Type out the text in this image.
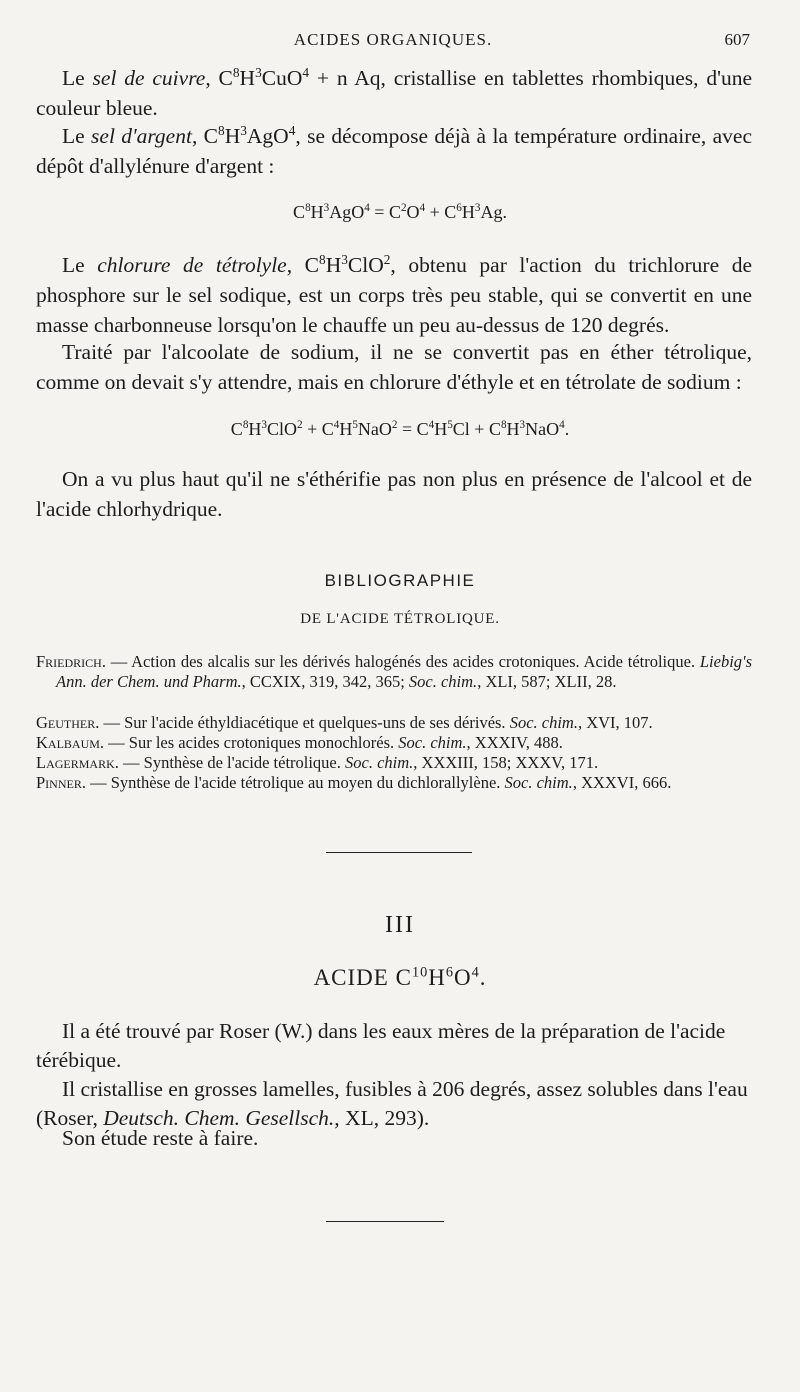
ACIDES ORGANIQUES.	607
Le sel de cuivre, $C^8H^3CuO^4 + n$ Aq, cristallise en tablettes rhombiques, d'une couleur bleue.
Le sel d'argent, $C^8H^3AgO^4$, se décompose déjà à la température ordinaire, avec dépôt d'allylénure d'argent :
$C^8H^3AgO^4 = C^2O^4 + C^6H^3Ag$.
Le chlorure de tétrolyle, $C^8H^3ClO^2$, obtenu par l'action du trichlorure de phosphore sur le sel sodique, est un corps très peu stable, qui se convertit en une masse charbonneuse lorsqu'on le chauffe un peu au-dessus de 120 degrés.
Traité par l'alcoolate de sodium, il ne se convertit pas en éther tétrolique, comme on devait s'y attendre, mais en chlorure d'éthyle et en tétrolate de sodium :
$C^8H^3ClO^2 + C^4H^5NaO^2 = C^4H^5Cl + C^8H^3NaO^4$.
On a vu plus haut qu'il ne s'éthérifie pas non plus en présence de l'alcool et de l'acide chlorhydrique.
BIBLIOGRAPHIE
DE L'ACIDE TÉTROLIQUE.
Friedrich. — Action des alcalis sur les dérivés halogénés des acides crotoniques. Acide tétrolique. Liebig's Ann. der Chem. und Pharm., CCXIX, 319, 342, 365; Soc. chim., XLI, 587; XLII, 28.
Geuther. — Sur l'acide éthyldiacétique et quelques-uns de ses dérivés. Soc. chim., XVI, 107.
Kalbaum. — Sur les acides crotoniques monochlorés. Soc. chim., XXXIV, 488.
Lagermark. — Synthèse de l'acide tétrolique. Soc. chim., XXXIII, 158; XXXV, 171.
Pinner. — Synthèse de l'acide tétrolique au moyen du dichlorallylène. Soc. chim., XXXVI, 666.
III
ACIDE $C^{10}H^6O^4$.
Il a été trouvé par Roser (W.) dans les eaux mères de la préparation de l'acide térébique.
Il cristallise en grosses lamelles, fusibles à 206 degrés, assez solubles dans l'eau (Roser, Deutsch. Chem. Gesellsch., XL, 293).
Son étude reste à faire.
